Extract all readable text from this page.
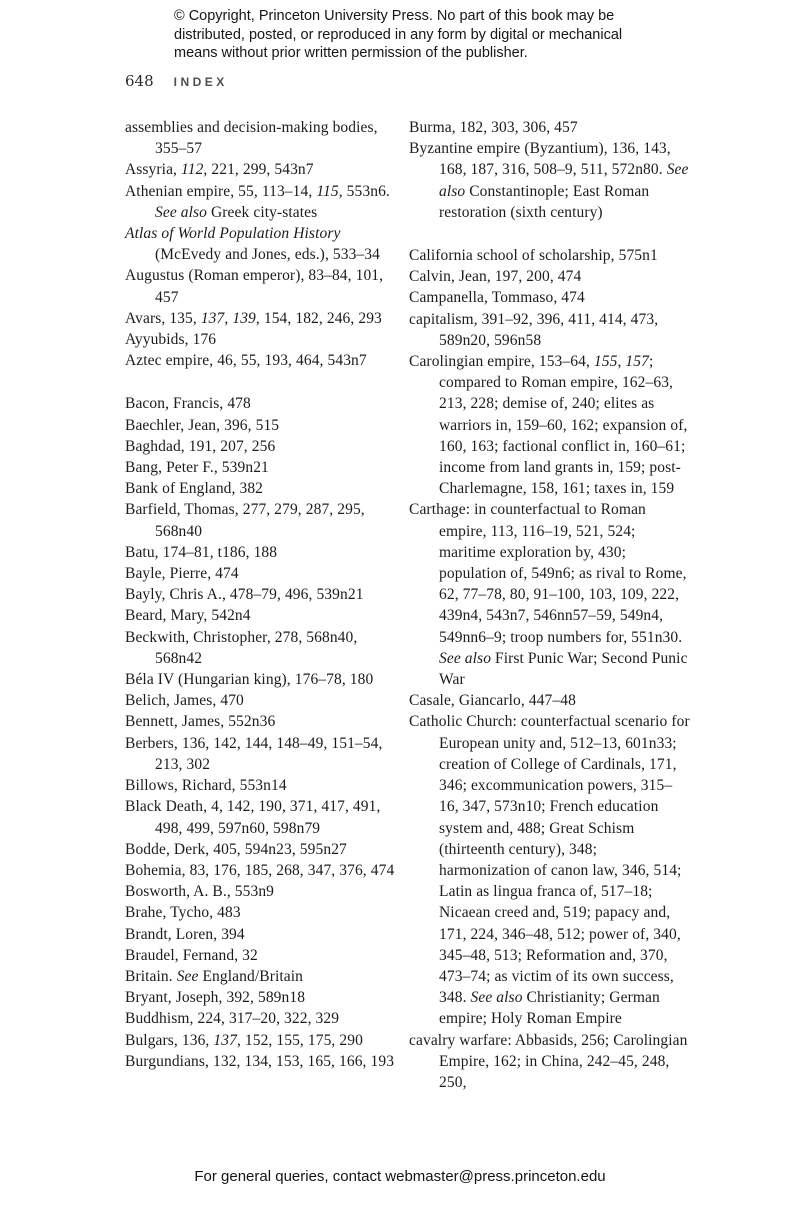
© Copyright, Princeton University Press. No part of this book may be distributed, posted, or reproduced in any form by digital or mechanical means without prior written permission of the publisher.
648 INDEX
assemblies and decision-making bodies, 355–57
Assyria, 112, 221, 299, 543n7
Athenian empire, 55, 113–14, 115, 553n6. See also Greek city-states
Atlas of World Population History (McEvedy and Jones, eds.), 533–34
Augustus (Roman emperor), 83–84, 101, 457
Avars, 135, 137, 139, 154, 182, 246, 293
Ayyubids, 176
Aztec empire, 46, 55, 193, 464, 543n7
Bacon, Francis, 478
Baechler, Jean, 396, 515
Baghdad, 191, 207, 256
Bang, Peter F., 539n21
Bank of England, 382
Barfield, Thomas, 277, 279, 287, 295, 568n40
Batu, 174–81, t186, 188
Bayle, Pierre, 474
Bayly, Chris A., 478–79, 496, 539n21
Beard, Mary, 542n4
Beckwith, Christopher, 278, 568n40, 568n42
Béla IV (Hungarian king), 176–78, 180
Belich, James, 470
Bennett, James, 552n36
Berbers, 136, 142, 144, 148–49, 151–54, 213, 302
Billows, Richard, 553n14
Black Death, 4, 142, 190, 371, 417, 491, 498, 499, 597n60, 598n79
Bodde, Derk, 405, 594n23, 595n27
Bohemia, 83, 176, 185, 268, 347, 376, 474
Bosworth, A. B., 553n9
Brahe, Tycho, 483
Brandt, Loren, 394
Braudel, Fernand, 32
Britain. See England/Britain
Bryant, Joseph, 392, 589n18
Buddhism, 224, 317–20, 322, 329
Bulgars, 136, 137, 152, 155, 175, 290
Burgundians, 132, 134, 153, 165, 166, 193
Burma, 182, 303, 306, 457
Byzantine empire (Byzantium), 136, 143, 168, 187, 316, 508–9, 511, 572n80. See also Constantinople; East Roman restoration (sixth century)
California school of scholarship, 575n1
Calvin, Jean, 197, 200, 474
Campanella, Tommaso, 474
capitalism, 391–92, 396, 411, 414, 473, 589n20, 596n58
Carolingian empire, 153–64, 155, 157; compared to Roman empire, 162–63, 213, 228; demise of, 240; elites as warriors in, 159–60, 162; expansion of, 160, 163; factional conflict in, 160–61; income from land grants in, 159; post-Charlemagne, 158, 161; taxes in, 159
Carthage: in counterfactual to Roman empire, 113, 116–19, 521, 524; maritime exploration by, 430; population of, 549n6; as rival to Rome, 62, 77–78, 80, 91–100, 103, 109, 222, 439n4, 543n7, 546nn57–59, 549n4, 549nn6–9; troop numbers for, 551n30. See also First Punic War; Second Punic War
Casale, Giancarlo, 447–48
Catholic Church: counterfactual scenario for European unity and, 512–13, 601n33; creation of College of Cardinals, 171, 346; excommunication powers, 315–16, 347, 573n10; French education system and, 488; Great Schism (thirteenth century), 348; harmonization of canon law, 346, 514; Latin as lingua franca of, 517–18; Nicaean creed and, 519; papacy and, 171, 224, 346–48, 512; power of, 340, 345–48, 513; Reformation and, 370, 473–74; as victim of its own success, 348. See also Christianity; German empire; Holy Roman Empire
cavalry warfare: Abbasids, 256; Carolingian Empire, 162; in China, 242–45, 248, 250,
For general queries, contact webmaster@press.princeton.edu
